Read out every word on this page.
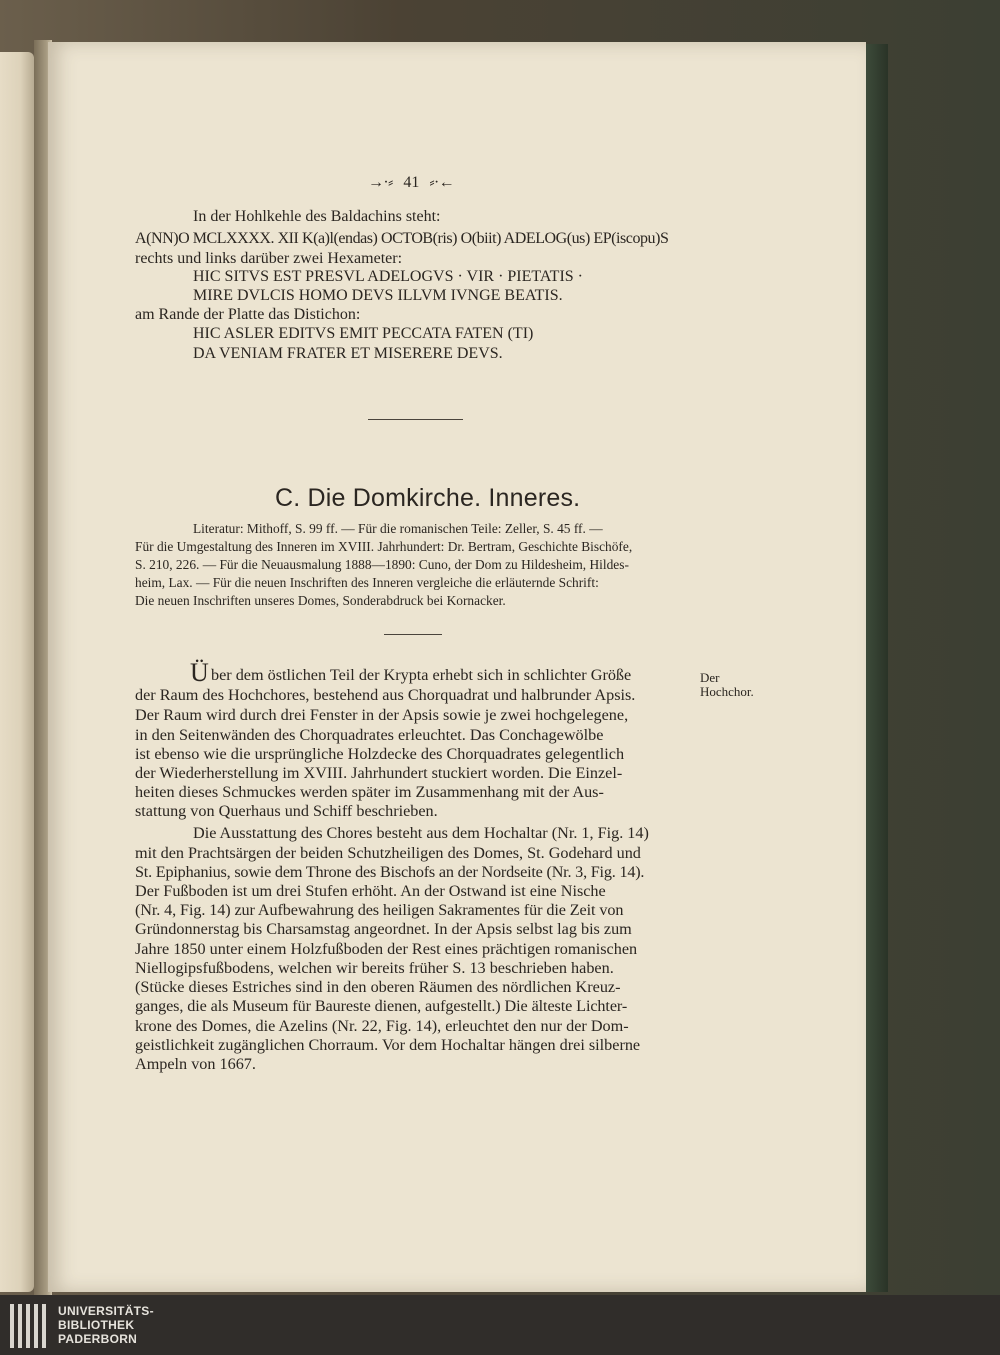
→∙⸗ 41 ⸗∙←
In der Hohlkehle des Baldachins steht:
A(NN)O MCLXXXX. XII K(a)l(endas) OCTOB(ris) O(biit) ADELOG(us) EP(iscopu)S
rechts und links darüber zwei Hexameter:
HIC SITVS EST PRESVL ADELOGVS · VIR · PIETATIS ·
MIRE DVLCIS HOMO DEVS ILLVM IVNGE BEATIS.
am Rande der Platte das Distichon:
HIC ASLER EDITVS EMIT PECCATA FATEN (TI)
DA VENIAM FRATER ET MISERERE DEVS.
C. Die Domkirche. Inneres.
Literatur: Mithoff, S. 99 ff. — Für die romanischen Teile: Zeller, S. 45 ff. —
Für die Umgestaltung des Inneren im XVIII. Jahrhundert: Dr. Bertram, Geschichte Bischöfe,
S. 210, 226. — Für die Neuausmalung 1888—1890: Cuno, der Dom zu Hildesheim, Hildes-
heim, Lax. — Für die neuen Inschriften des Inneren vergleiche die erläuternde Schrift:
Die neuen Inschriften unseres Domes, Sonderabdruck bei Kornacker.
Der
Hochchor.
Ü ber dem östlichen Teil der Krypta erhebt sich in schlichter Größe
der Raum des Hochchores, bestehend aus Chorquadrat und halbrunder Apsis.
Der Raum wird durch drei Fenster in der Apsis sowie je zwei hochgelegene,
in den Seitenwänden des Chorquadrates erleuchtet. Das Conchagewölbe
ist ebenso wie die ursprüngliche Holzdecke des Chorquadrates gelegentlich
der Wiederherstellung im XVIII. Jahrhundert stuckiert worden. Die Einzel-
heiten dieses Schmuckes werden später im Zusammenhang mit der Aus-
stattung von Querhaus und Schiff beschrieben.
Die Ausstattung des Chores besteht aus dem Hochaltar (Nr. 1, Fig. 14)
mit den Prachtsärgen der beiden Schutzheiligen des Domes, St. Godehard und
St. Epiphanius, sowie dem Throne des Bischofs an der Nordseite (Nr. 3, Fig. 14).
Der Fußboden ist um drei Stufen erhöht. An der Ostwand ist eine Nische
(Nr. 4, Fig. 14) zur Aufbewahrung des heiligen Sakramentes für die Zeit von
Gründonnerstag bis Charsamstag angeordnet. In der Apsis selbst lag bis zum
Jahre 1850 unter einem Holzfußboden der Rest eines prächtigen romanischen
Niellogipsfußbodens, welchen wir bereits früher S. 13 beschrieben haben.
(Stücke dieses Estriches sind in den oberen Räumen des nördlichen Kreuz-
ganges, die als Museum für Baureste dienen, aufgestellt.) Die älteste Lichter-
krone des Domes, die Azelins (Nr. 22, Fig. 14), erleuchtet den nur der Dom-
geistlichkeit zugänglichen Chorraum. Vor dem Hochaltar hängen drei silberne
Ampeln von 1667.
UNIVERSITÄTS-
BIBLIOTHEK
PADERBORN
